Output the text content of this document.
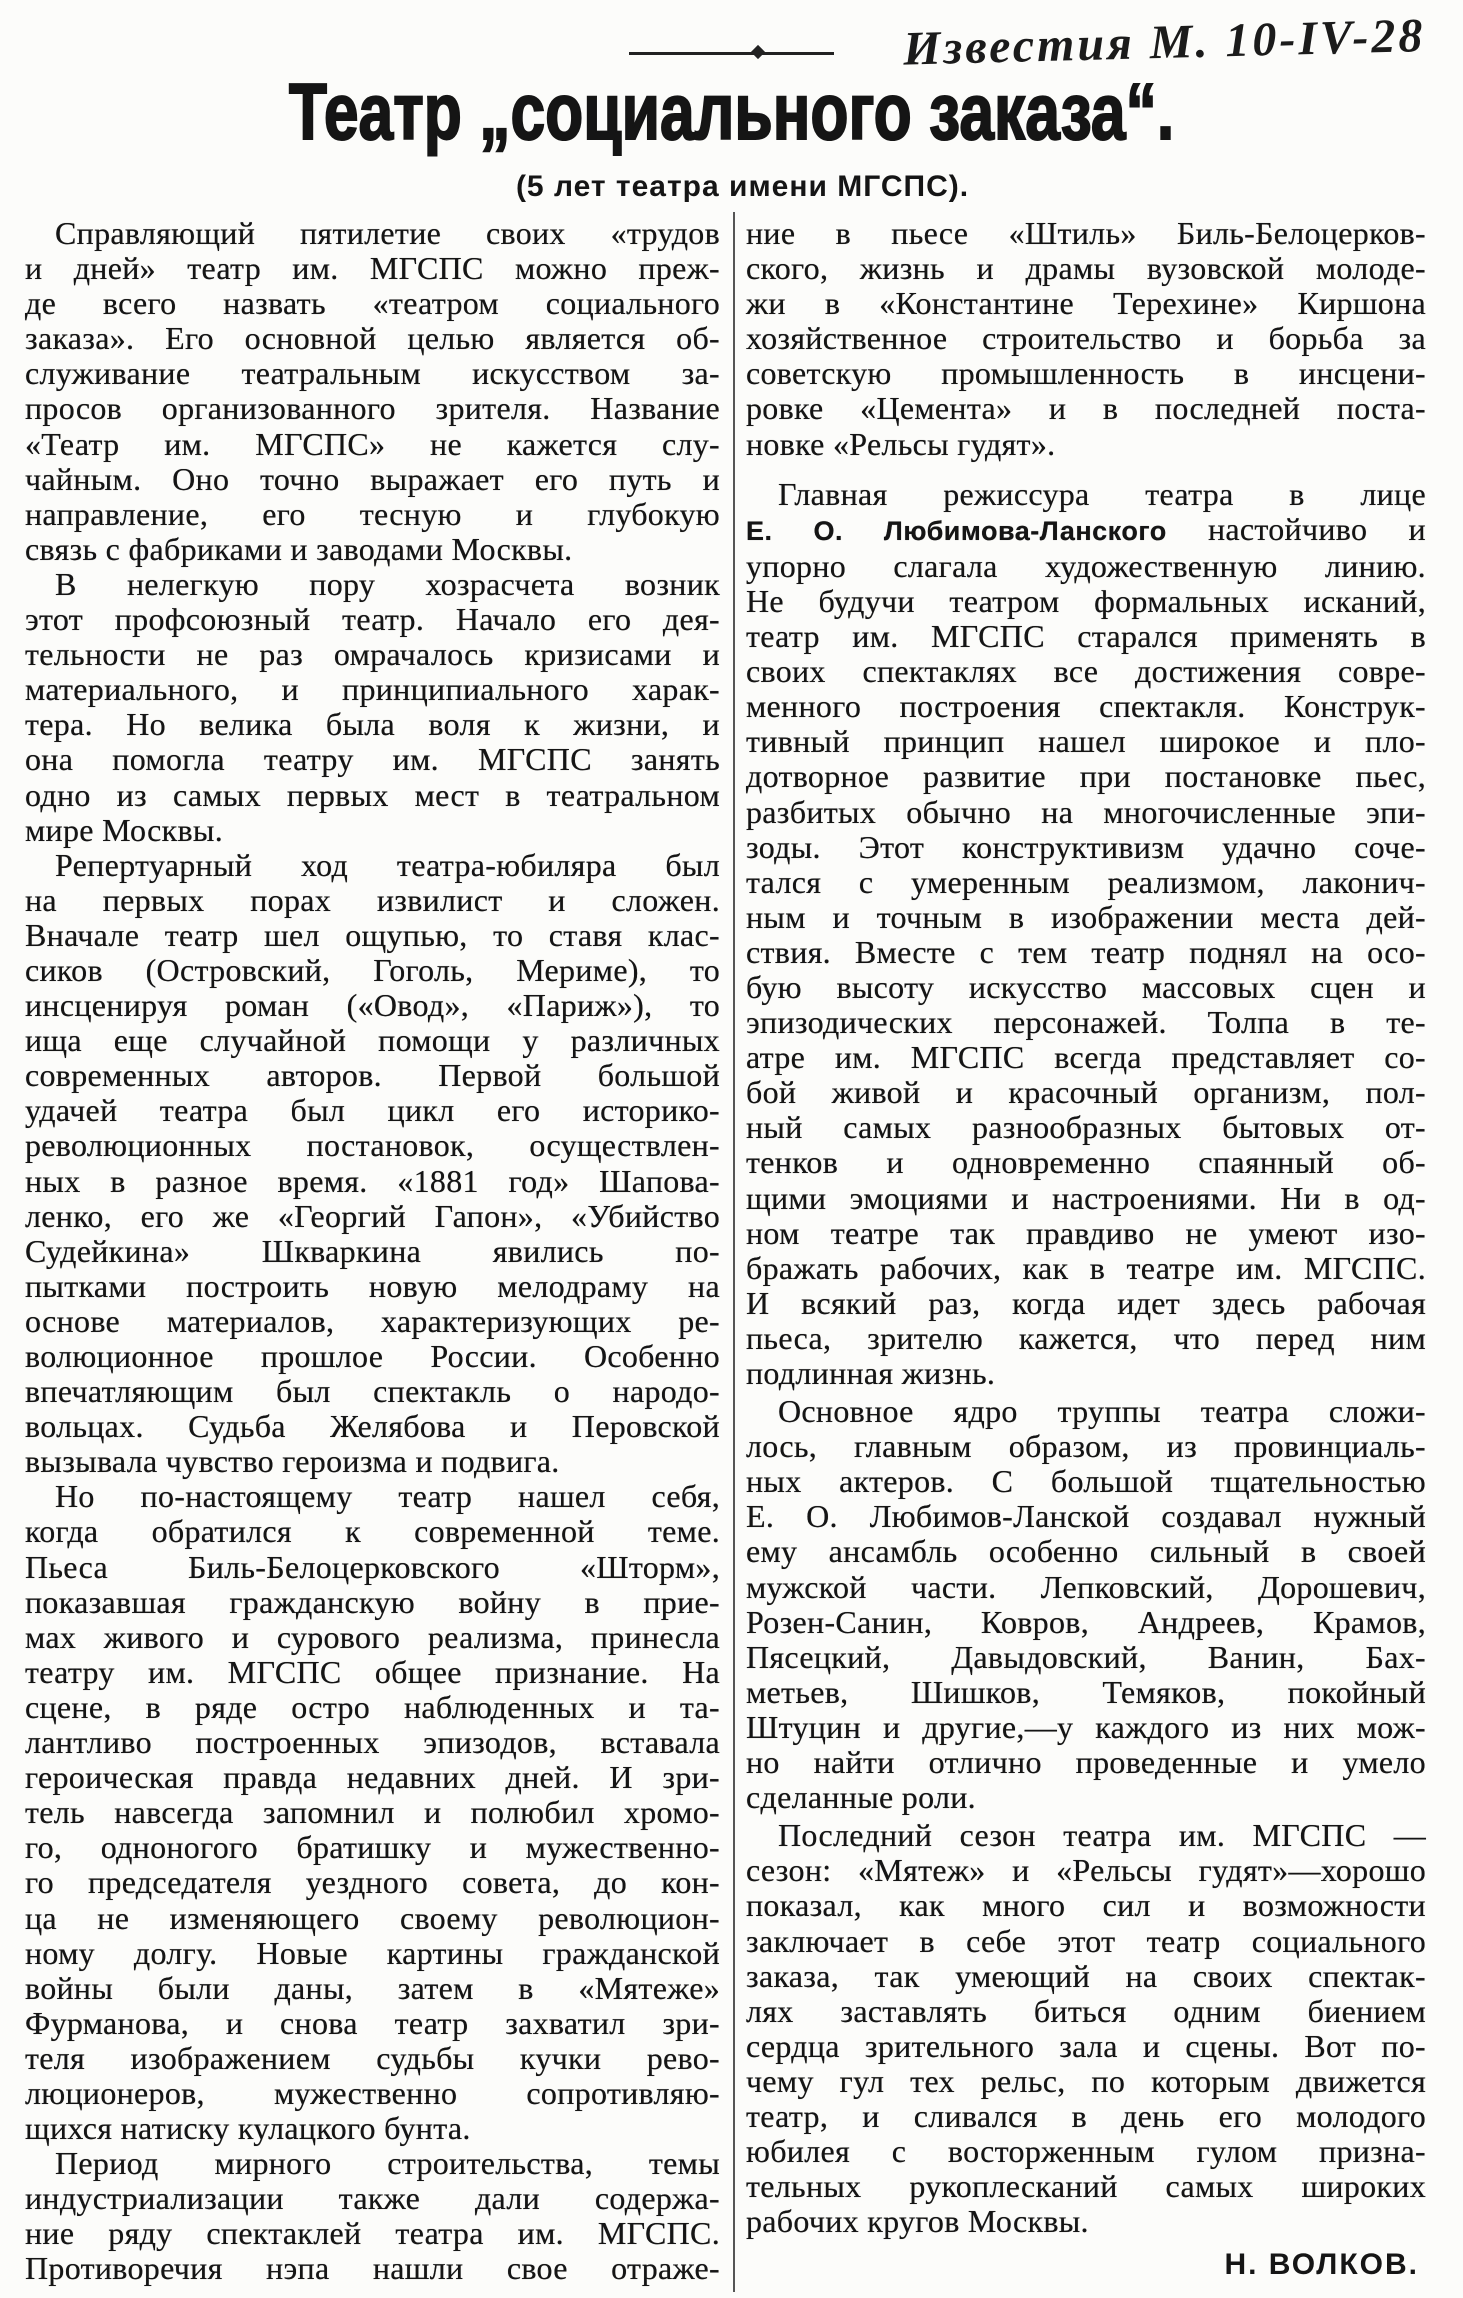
Известия М. 10-IV-28
Театр „социального заказа“.
(5 лет театра имени МГСПС).
Справляющий пятилетие своих «трудов
и дней» театр им. МГСПС можно преж-
де всего назвать «театром социального
заказа». Его основной целью является об-
служивание театральным искусством за-
просов организованного зрителя. Название
«Театр им. МГСПС» не кажется слу-
чайным. Оно точно выражает его путь и
направление, его тесную и глубокую
связь с фабриками и заводами Москвы.
В нелегкую пору хозрасчета возник
этот профсоюзный театр. Начало его дея-
тельности не раз омрачалось кризисами и
материального, и принципиального харак-
тера. Но велика была воля к жизни, и
она помогла театру им. МГСПС занять
одно из самых первых мест в театральном
мире Москвы.
Репертуарный ход театра-юбиляра был
на первых порах извилист и сложен.
Вначале театр шел ощупью, то ставя клас-
сиков (Островский, Гоголь, Мериме), то
инсценируя роман («Овод», «Париж»), то
ища еще случайной помощи у различных
современных авторов. Первой большой
удачей театра был цикл его историко-
революционных постановок, осуществлен-
ных в разное время. «1881 год» Шапова-
ленко, его же «Георгий Гапон», «Убийство
Судейкина» Шкваркина явились по-
пытками построить новую мелодраму на
основе материалов, характеризующих ре-
волюционное прошлое России. Особенно
впечатляющим был спектакль о народо-
вольцах. Судьба Желябова и Перовской
вызывала чувство героизма и подвига.
Но по-настоящему театр нашел себя,
когда обратился к современной теме.
Пьеса Биль-Белоцерковского «Шторм»,
показавшая гражданскую войну в прие-
мах живого и сурового реализма, принесла
театру им. МГСПС общее признание. На
сцене, в ряде остро наблюденных и та-
лантливо построенных эпизодов, вставала
героическая правда недавних дней. И зри-
тель навсегда запомнил и полюбил хромо-
го, одноногого братишку и мужественно-
го председателя уездного совета, до кон-
ца не изменяющего своему революцион-
ному долгу. Новые картины гражданской
войны были даны, затем в «Мятеже»
Фурманова, и снова театр захватил зри-
теля изображением судьбы кучки рево-
люционеров, мужественно сопротивляю-
щихся натиску кулацкого бунта.
Период мирного строительства, темы
индустриализации также дали содержа-
ние ряду спектаклей театра им. МГСПС.
Противоречия нэпа нашли свое отраже-
ние в пьесе «Штиль» Биль-Белоцерков-
ского, жизнь и драмы вузовской молоде-
жи в «Константине Терехине» Киршона
хозяйственное строительство и борьба за
советскую промышленность в инсцени-
ровке «Цемента» и в последней поста-
новке «Рельсы гудят».
Главная режиссура театра в лице
Е. О. Любимова-Ланского настойчиво и
упорно слагала художественную линию.
Не будучи театром формальных исканий,
театр им. МГСПС старался применять в
своих спектаклях все достижения совре-
менного построения спектакля. Конструк-
тивный принцип нашел широкое и пло-
дотворное развитие при постановке пьес,
разбитых обычно на многочисленные эпи-
зоды. Этот конструктивизм удачно соче-
тался с умеренным реализмом, лаконич-
ным и точным в изображении места дей-
ствия. Вместе с тем театр поднял на осо-
бую высоту искусство массовых сцен и
эпизодических персонажей. Толпа в те-
атре им. МГСПС всегда представляет со-
бой живой и красочный организм, пол-
ный самых разнообразных бытовых от-
тенков и одновременно спаянный об-
щими эмоциями и настроениями. Ни в од-
ном театре так правдиво не умеют изо-
бражать рабочих, как в театре им. МГСПС.
И всякий раз, когда идет здесь рабочая
пьеса, зрителю кажется, что перед ним
подлинная жизнь.
Основное ядро труппы театра сложи-
лось, главным образом, из провинциаль-
ных актеров. С большой тщательностью
Е. О. Любимов-Ланской создавал нужный
ему ансамбль особенно сильный в своей
мужской части. Лепковский, Дорошевич,
Розен-Санин, Ковров, Андреев, Крамов,
Пясецкий, Давыдовский, Ванин, Бах-
метьев, Шишков, Темяков, покойный
Штуцин и другие,—у каждого из них мож-
но найти отлично проведенные и умело
сделанные роли.
Последний сезон театра им. МГСПС —
сезон: «Мятеж» и «Рельсы гудят»—хорошо
показал, как много сил и возможности
заключает в себе этот театр социального
заказа, так умеющий на своих спектак-
лях заставлять биться одним биением
сердца зрительного зала и сцены. Вот по-
чему гул тех рельс, по которым движется
театр, и сливался в день его молодого
юбилея с восторженным гулом призна-
тельных рукоплесканий самых широких
рабочих кругов Москвы.
Н. ВОЛКОВ.
